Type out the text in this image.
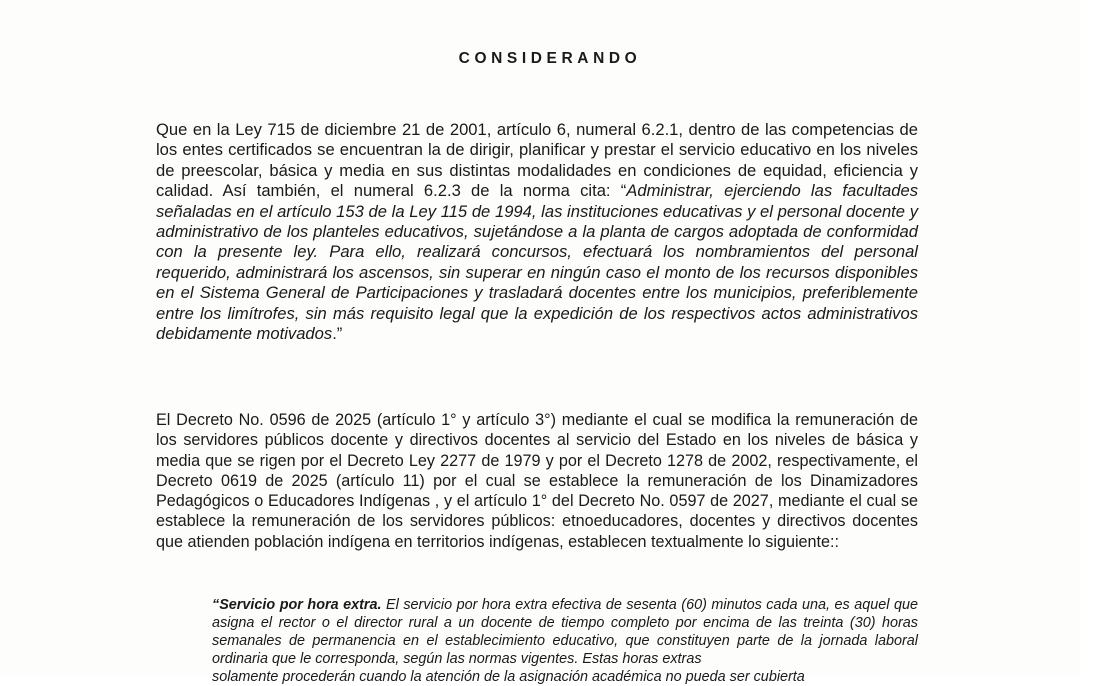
CONSIDERANDO

Que en la Ley 715 de diciembre 21 de 2001, artículo 6, numeral 6.2.1, dentro de las competencias de los entes certificados se encuentran la de dirigir, planificar y prestar el servicio educativo en los niveles de preescolar, básica y media en sus distintas modalidades en condiciones de equidad, eficiencia y calidad. Así también, el numeral 6.2.3 de la norma cita: “Administrar, ejerciendo las facultades señaladas en el artículo 153 de la Ley 115 de 1994, las instituciones educativas y el personal docente y administrativo de los planteles educativos, sujetándose a la planta de cargos adoptada de conformidad con la presente ley. Para ello, realizará concursos, efectuará los nombramientos del personal requerido, administrará los ascensos, sin superar en ningún caso el monto de los recursos disponibles en el Sistema General de Participaciones y trasladará docentes entre los municipios, preferiblemente entre los limítrofes, sin más requisito legal que la expedición de los respectivos actos administrativos debidamente motivados.”

El Decreto No. 0596 de 2025 (artículo 1° y artículo 3°) mediante el cual se modifica la remuneración de los servidores públicos docente y directivos docentes al servicio del Estado en los niveles de básica y media que se rigen por el Decreto Ley 2277 de 1979 y por el Decreto 1278 de 2002, respectivamente, el Decreto 0619 de 2025 (artículo 11) por el cual se establece la remuneración de los Dinamizadores Pedagógicos o Educadores Indígenas , y el artículo 1° del Decreto No. 0597 de 2027, mediante el cual se establece la remuneración de los servidores públicos: etnoeducadores, docentes y directivos docentes que atienden población indígena en territorios indígenas, establecen textualmente lo siguiente::

“Servicio por hora extra. El servicio por hora extra efectiva de sesenta (60) minutos cada una, es aquel que asigna el rector o el director rural a un docente de tiempo completo por encima de las treinta (30) horas semanales de permanencia en el establecimiento educativo, que constituyen parte de la jornada laboral ordinaria que le corresponda, según las normas vigentes. Estas horas extras
solamente procederán cuando la atención de la asignación académica no pueda ser cubierta
